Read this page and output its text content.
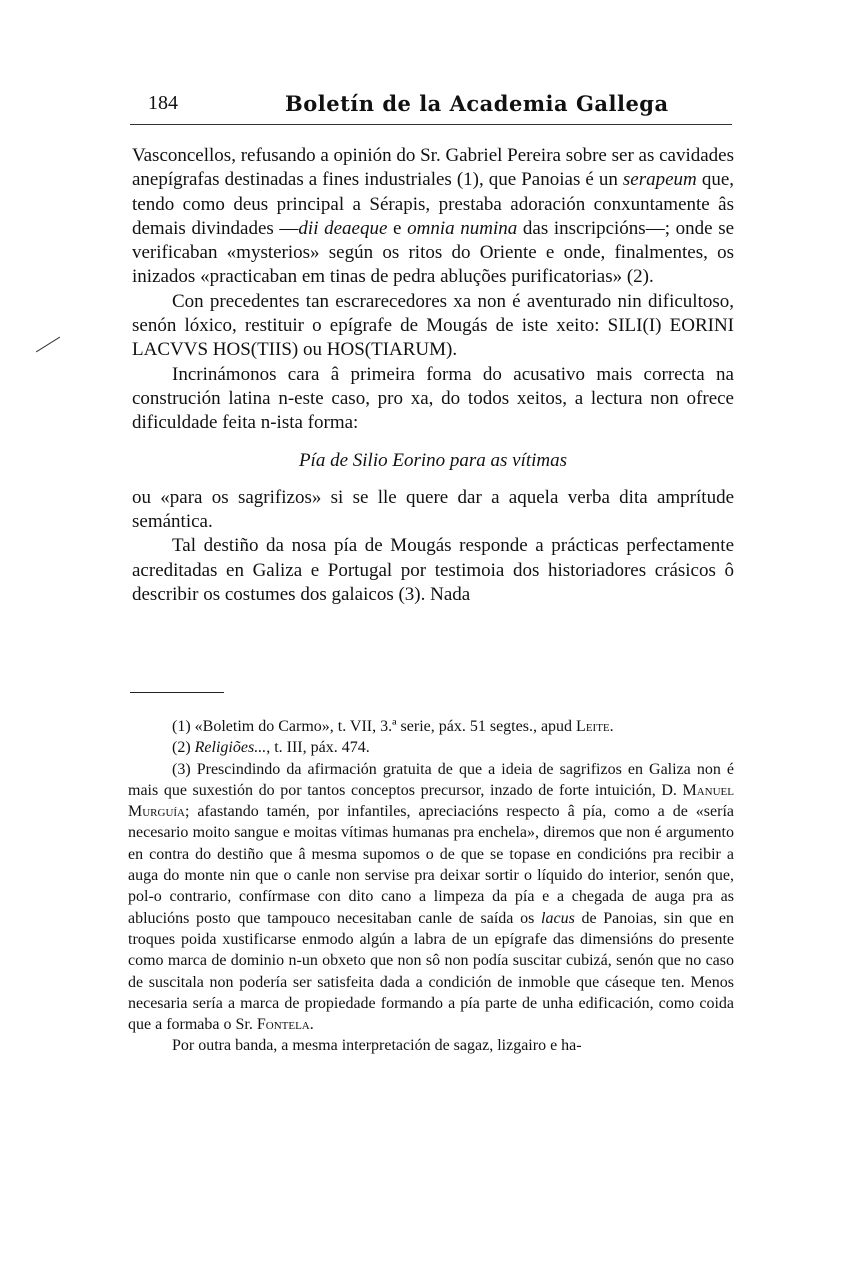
184	Boletín de la Academia Gallega

Vasconcellos, refusando a opinión do Sr. Gabriel Pereira sobre ser as cavidades anepígrafas destinadas a fines industriales (1), que Panoias é un serapeum que, tendo como deus principal a Sérapis, prestaba adoración conxuntamente âs demais divindades —dii deaeque e omnia numina das inscripcións—; onde se verificaban «mysterios» según os ritos do Oriente e onde, finalmentes, os inizados «practicaban em tinas de pedra abluções purificatorias» (2).

Con precedentes tan escrarecedores xa non é aventurado nin dificultoso, senón lóxico, restituir o epígrafe de Mougás de iste xeito: SILI(I) EORINI LACVVS HOS(TIIS) ou HOS(TIARUM).

Incrinámonos cara â primeira forma do acusativo mais correcta na construción latina n-este caso, pro xa, do todos xeitos, a lectura non ofrece dificuldade feita n-ista forma:

Pía de Silio Eorino para as vítimas

ou «para os sagrifizos» si se lle quere dar a aquela verba dita amprítude semántica.

Tal destiño da nosa pía de Mougás responde a prácticas perfectamente acreditadas en Galiza e Portugal por testimoia dos historiadores crásicos ô describir os costumes dos galaicos (3). Nada

(1) «Boletim do Carmo», t. VII, 3.ª serie, páx. 51 segtes., apud Leite.

(2) Religiões..., t. III, páx. 474.

(3) Prescindindo da afirmación gratuita de que a ideia de sagrifizos en Galiza non é mais que suxestión do por tantos conceptos precursor, inzado de forte intuición, D. Manuel Murguía; afastando tamén, por infantiles, apreciacións respecto â pía, como a de «sería necesario moito sangue e moitas vítimas humanas pra enchela», diremos que non é argumento en contra do destiño que â mesma supomos o de que se topase en condicións pra recibir a auga do monte nin que o canle non servise pra deixar sortir o líquido do interior, senón que, pol-o contrario, confírmase con dito cano a limpeza da pía e a chegada de auga pra as ablucións posto que tampouco necesitaban canle de saída os lacus de Panoias, sin que en troques poida xustificarse enmodo algún a labra de un epígrafe das dimensións do presente como marca de dominio n-un obxeto que non sô non podía suscitar cubizá, senón que no caso de suscitala non podería ser satisfeita dada a condición de inmoble que cáseque ten. Menos necesaria sería a marca de propiedade formando a pía parte de unha edificación, como coida que a formaba o Sr. Fontela.

Por outra banda, a mesma interpretación de sagaz, lizgairo e ha-
